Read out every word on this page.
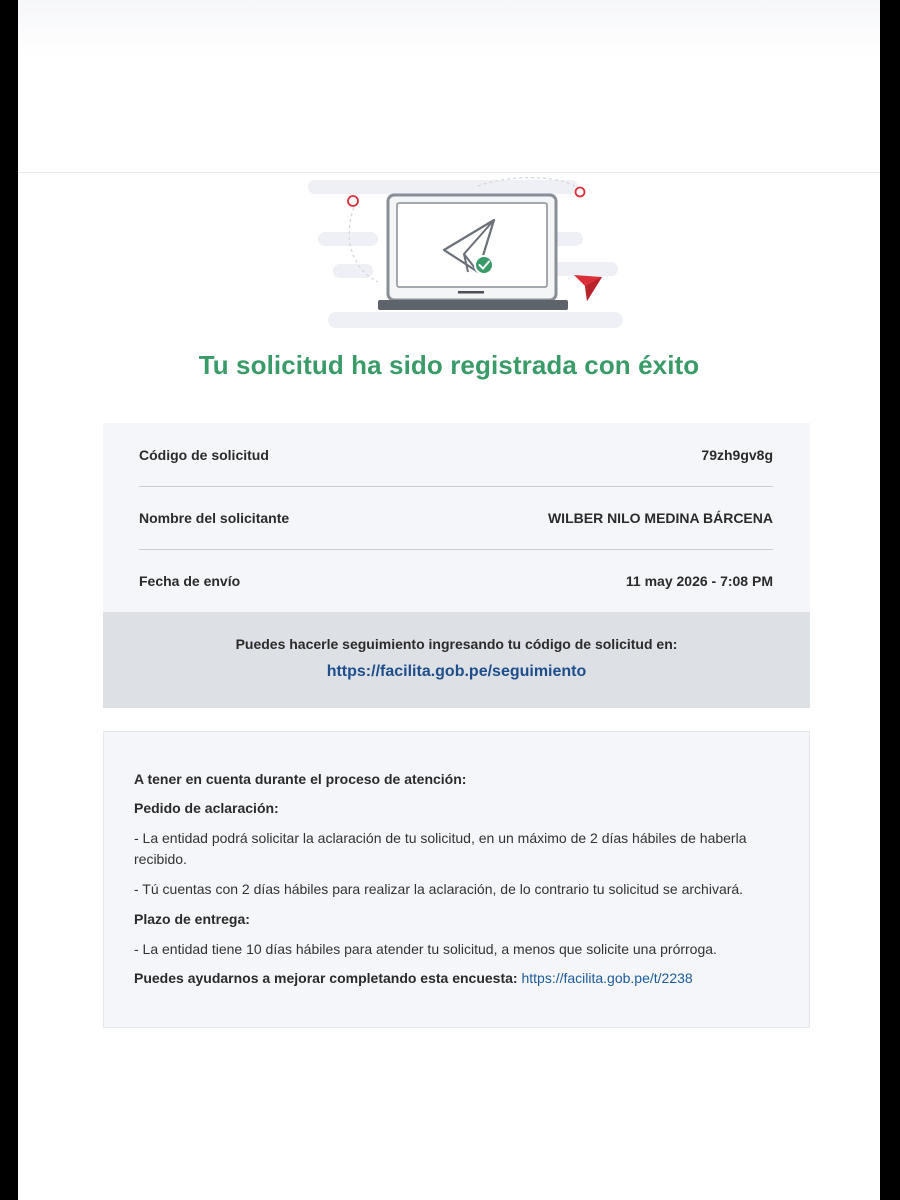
Tu solicitud ha sido registrada con éxito
Código de solicitud	79zh9gv8g
Nombre del solicitante	WILBER NILO MEDINA BÁRCENA
Fecha de envío	11 may 2026 - 7:08 PM
Puedes hacerle seguimiento ingresando tu código de solicitud en:
https://facilita.gob.pe/seguimiento
A tener en cuenta durante el proceso de atención:
Pedido de aclaración:
- La entidad podrá solicitar la aclaración de tu solicitud, en un máximo de 2 días hábiles de haberla recibido.
- Tú cuentas con 2 días hábiles para realizar la aclaración, de lo contrario tu solicitud se archivará.
Plazo de entrega:
- La entidad tiene 10 días hábiles para atender tu solicitud, a menos que solicite una prórroga.
Puedes ayudarnos a mejorar completando esta encuesta: https://facilita.gob.pe/t/2238
